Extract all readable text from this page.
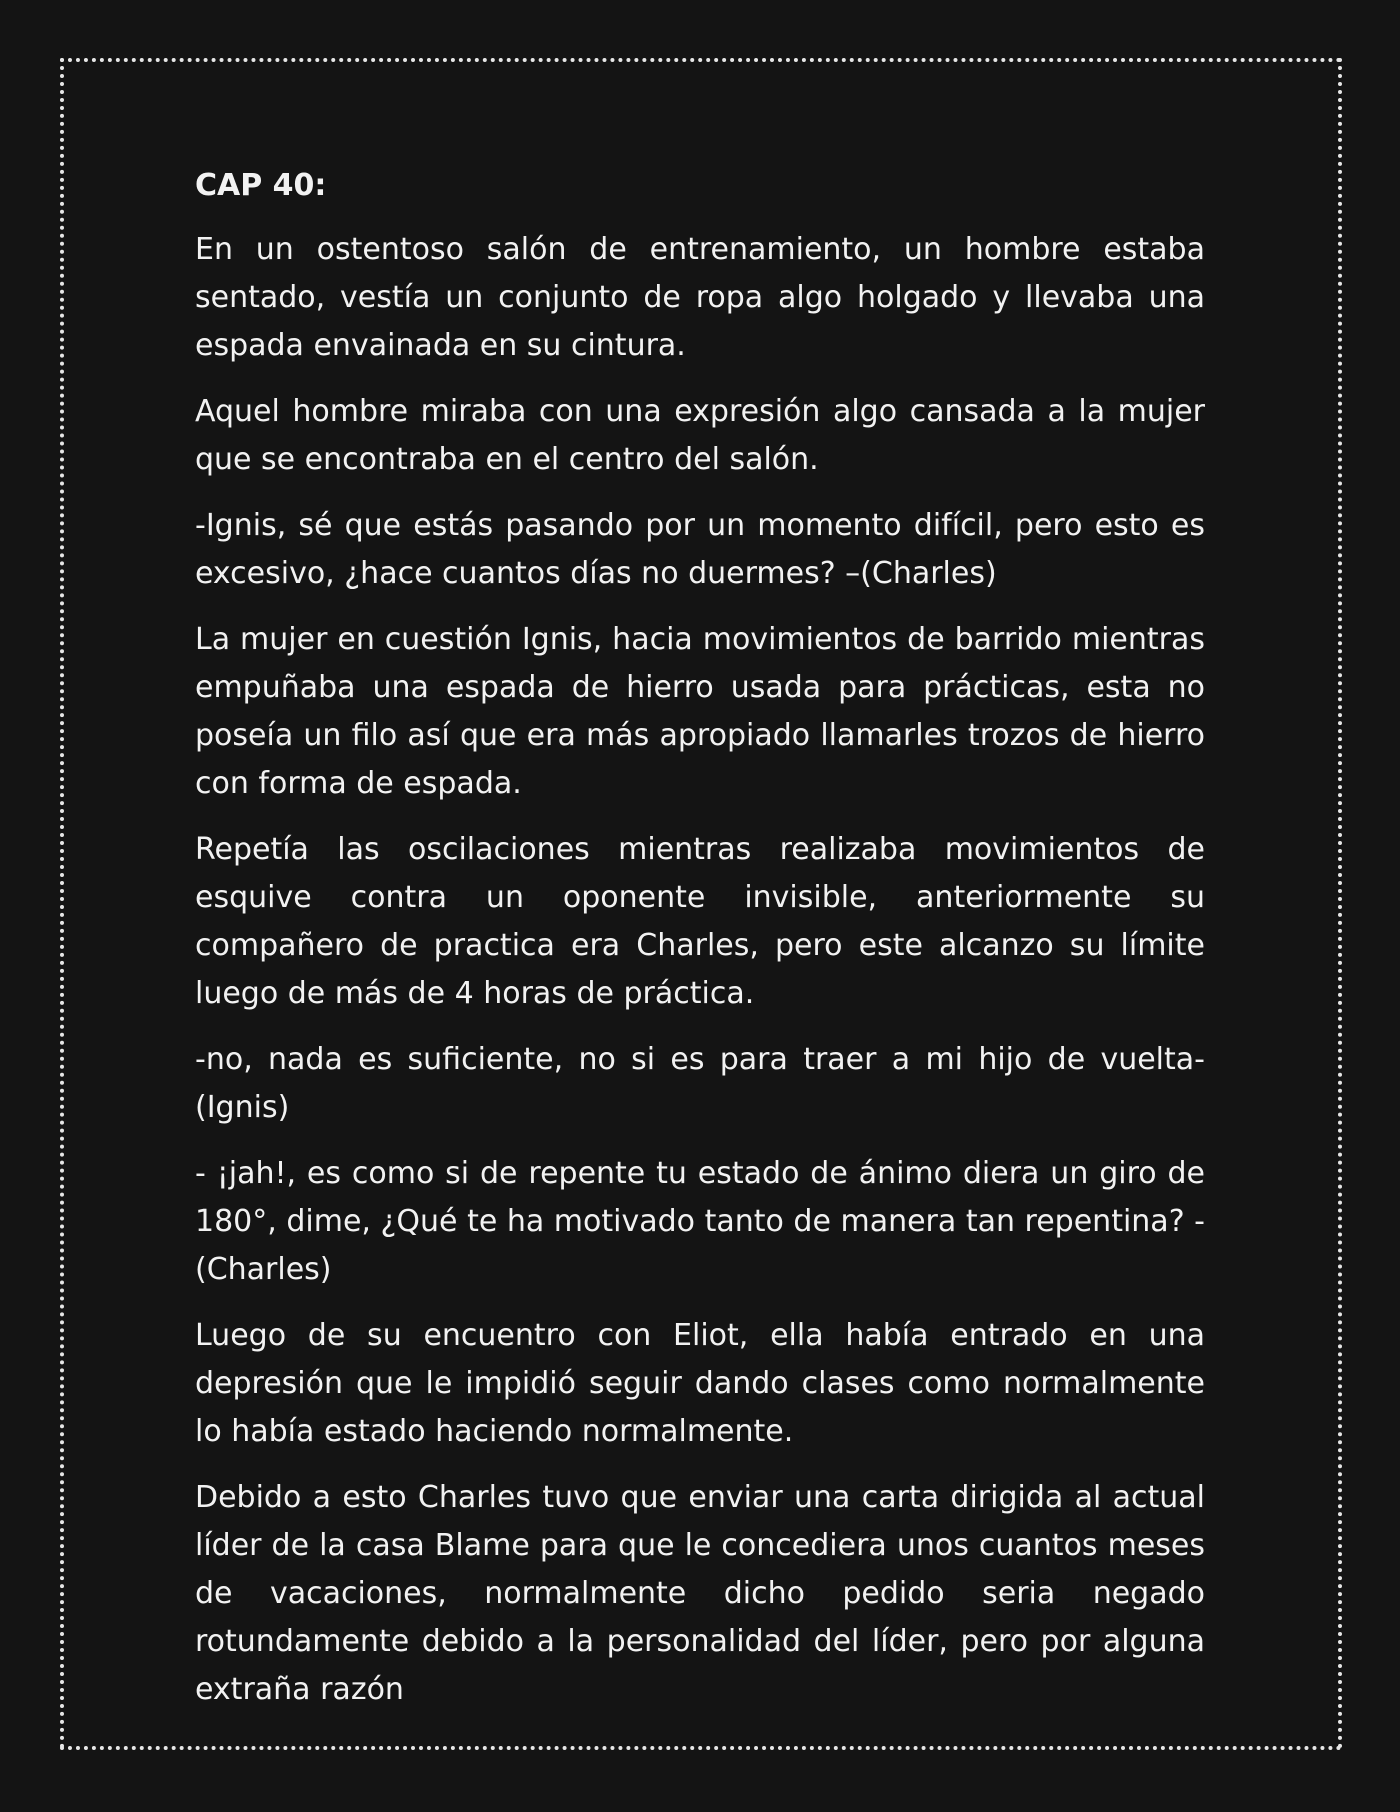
CAP 40:

En un ostentoso salón de entrenamiento, un hombre estaba sentado, vestía un conjunto de ropa algo holgado y llevaba una espada envainada en su cintura.

Aquel hombre miraba con una expresión algo cansada a la mujer que se encontraba en el centro del salón.

-Ignis, sé que estás pasando por un momento difícil, pero esto es excesivo, ¿hace cuantos días no duermes? –(Charles)

La mujer en cuestión Ignis, hacia movimientos de barrido mientras empuñaba una espada de hierro usada para prácticas, esta no poseía un filo así que era más apropiado llamarles trozos de hierro con forma de espada.

Repetía las oscilaciones mientras realizaba movimientos de esquive contra un oponente invisible, anteriormente su compañero de practica era Charles, pero este alcanzo su límite luego de más de 4 horas de práctica.

-no, nada es suficiente, no si es para traer a mi hijo de vuelta-(Ignis)

- ¡jah!, es como si de repente tu estado de ánimo diera un giro de 180°, dime, ¿Qué te ha motivado tanto de manera tan repentina? -(Charles)

Luego de su encuentro con Eliot, ella había entrado en una depresión que le impidió seguir dando clases como normalmente lo había estado haciendo normalmente.

Debido a esto Charles tuvo que enviar una carta dirigida al actual líder de la casa Blame para que le concediera unos cuantos meses de vacaciones, normalmente dicho pedido seria negado rotundamente debido a la personalidad del líder, pero por alguna extraña razón
